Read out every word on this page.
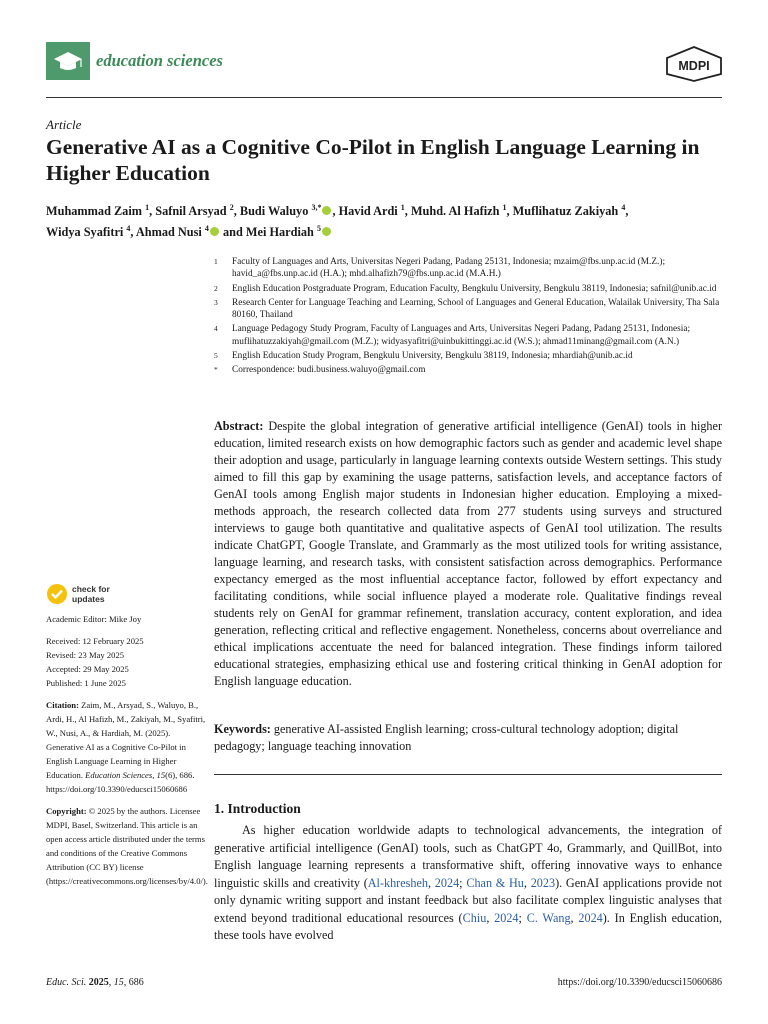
education sciences	MDPI
Article
Generative AI as a Cognitive Co-Pilot in English Language Learning in Higher Education
Muhammad Zaim $^1$, Safnil Arsyad $^2$, Budi Waluyo $^{3,*}$ , Havid Ardi $^1$, Muhd. Al Hafizh $^1$, Muflihatuz Zakiyah $^4$,
Widya Syafitri $^4$, Ahmad Nusi $^4$ and Mei Hardiah $^5$
1	Faculty of Languages and Arts, Universitas Negeri Padang, Padang 25131, Indonesia; mzaim@fbs.unp.ac.id (M.Z.); havid_a@fbs.unp.ac.id (H.A.); mhd.alhafizh79@fbs.unp.ac.id (M.A.H.)
2	English Education Postgraduate Program, Education Faculty, Bengkulu University, Bengkulu 38119, Indonesia; safnil@unib.ac.id
3	Research Center for Language Teaching and Learning, School of Languages and General Education, Walailak University, Tha Sala 80160, Thailand
4	Language Pedagogy Study Program, Faculty of Languages and Arts, Universitas Negeri Padang, Padang 25131, Indonesia; muflihatuzzakiyah@gmail.com (M.Z.); widyasyafitri@uinbukittinggi.ac.id (W.S.); ahmad11minang@gmail.com (A.N.)
5	English Education Study Program, Bengkulu University, Bengkulu 38119, Indonesia; mhardiah@unib.ac.id
*	Correspondence: budi.business.waluyo@gmail.com
Abstract: Despite the global integration of generative artificial intelligence (GenAI) tools in higher education, limited research exists on how demographic factors such as gender and academic level shape their adoption and usage, particularly in language learning contexts outside Western settings. This study aimed to fill this gap by examining the usage patterns, satisfaction levels, and acceptance factors of GenAI tools among English major students in Indonesian higher education. Employing a mixed-methods approach, the research collected data from 277 students using surveys and structured interviews to gauge both quantitative and qualitative aspects of GenAI tool utilization. The results indicate ChatGPT, Google Translate, and Grammarly as the most utilized tools for writing assistance, language learning, and research tasks, with consistent satisfaction across demographics. Performance expectancy emerged as the most influential acceptance factor, followed by effort expectancy and facilitating conditions, while social influence played a moderate role. Qualitative findings reveal students rely on GenAI for grammar refinement, translation accuracy, content exploration, and idea generation, reflecting critical and reflective engagement. Nonetheless, concerns about overreliance and ethical implications accentuate the need for balanced integration. These findings inform tailored educational strategies, emphasizing ethical use and fostering critical thinking in GenAI adoption for English language education.
Keywords: generative AI-assisted English learning; cross-cultural technology adoption; digital pedagogy; language teaching innovation
1. Introduction

As higher education worldwide adapts to technological advancements, the integration of generative artificial intelligence (GenAI) tools, such as ChatGPT 4o, Grammarly, and QuillBot, into English language learning represents a transformative shift, offering innovative ways to enhance linguistic skills and creativity (Al-khresheh, 2024; Chan & Hu, 2023). GenAI applications provide not only dynamic writing support and instant feedback but also facilitate complex linguistic analyses that extend beyond traditional educational resources (Chiu, 2024; C. Wang, 2024). In English education, these tools have evolved

check for
updates
Academic Editor: Mike Joy
Received: 12 February 2025
Revised: 23 May 2025
Accepted: 29 May 2025
Published: 1 June 2025
Citation: Zaim, M., Arsyad, S., Waluyo, B., Ardi, H., Al Hafizh, M., Zakiyah, M., Syafitri, W., Nusi, A., & Hardiah, M. (2025). Generative AI as a Cognitive Co-Pilot in English Language Learning in Higher Education. Education Sciences, 15(6), 686. https://doi.org/10.3390/educsci15060686
Copyright: © 2025 by the authors. Licensee MDPI, Basel, Switzerland. This article is an open access article distributed under the terms and conditions of the Creative Commons Attribution (CC BY) license (https://creativecommons.org/licenses/by/4.0/).
Educ. Sci. 2025, 15, 686	https://doi.org/10.3390/educsci15060686
